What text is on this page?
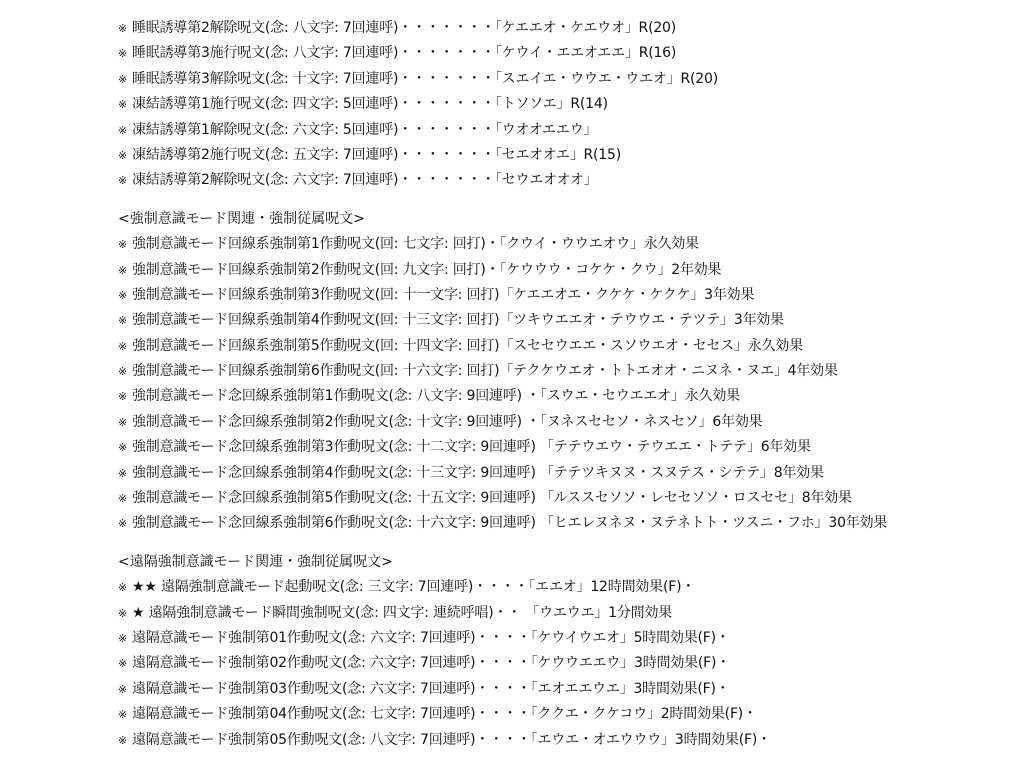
※ 睡眠誘導第2解除呪文(念: 八文字: 7回連呼)・・・・・・・「ケエエオ・ケエウオ」R(20)
※ 睡眠誘導第3施行呪文(念: 八文字: 7回連呼)・・・・・・・「ケウイ・エエオエエ」R(16)
※ 睡眠誘導第3解除呪文(念: 十文字: 7回連呼)・・・・・・・「スエイエ・ウウエ・ウエオ」R(20)
※ 凍結誘導第1施行呪文(念: 四文字: 5回連呼)・・・・・・・「トソソエ」R(14)
※ 凍結誘導第1解除呪文(念: 六文字: 5回連呼)・・・・・・・「ウオオエエウ」
※ 凍結誘導第2施行呪文(念: 五文字: 7回連呼)・・・・・・・「セエオオエ」R(15)
※ 凍結誘導第2解除呪文(念: 六文字: 7回連呼)・・・・・・・「セウエオオオ」
<強制意識モード関連・強制従属呪文>
※ 強制意識モード回線系強制第1作動呪文(回: 七文字: 回打)・「クウイ・ウウエオウ」永久効果
※ 強制意識モード回線系強制第2作動呪文(回: 九文字: 回打)・「ケウウウ・コケケ・クウ」2年効果
※ 強制意識モード回線系強制第3作動呪文(回: 十一文字: 回打)「ケエエオエ・クケケ・ケクケ」3年効果
※ 強制意識モード回線系強制第4作動呪文(回: 十三文字: 回打)「ツキウエエオ・テウウエ・テツテ」3年効果
※ 強制意識モード回線系強制第5作動呪文(回: 十四文字: 回打)「スセセウエエ・スソウエオ・セセス」永久効果
※ 強制意識モード回線系強制第6作動呪文(回: 十六文字: 回打)「テクケウエオ・トトエオオ・ニヌネ・ヌエ」4年効果
※ 強制意識モード念回線系強制第1作動呪文(念: 八文字: 9回連呼) ・「スウエ・セウエエオ」永久効果
※ 強制意識モード念回線系強制第2作動呪文(念: 十文字: 9回連呼) ・「ヌネスセセソ・ネスセソ」6年効果
※ 強制意識モード念回線系強制第3作動呪文(念: 十二文字: 9回連呼) 「テテウエウ・テウエエ・トテテ」6年効果
※ 強制意識モード念回線系強制第4作動呪文(念: 十三文字: 9回連呼) 「テテツキヌヌ・スヌテス・シテテ」8年効果
※ 強制意識モード念回線系強制第5作動呪文(念: 十五文字: 9回連呼) 「ルススセソソ・レセセソソ・ロスセセ」8年効果
※ 強制意識モード念回線系強制第6作動呪文(念: 十六文字: 9回連呼) 「ヒエレヌネヌ・ヌテネトト・ツスニ・フホ」30年効果
<遠隔強制意識モード関連・強制従属呪文>
※ ★★ 遠隔強制意識モード起動呪文(念: 三文字: 7回連呼)・・・・「エエオ」12時間効果(F)・
※ ★ 遠隔強制意識モード瞬間強制呪文(念: 四文字: 連続呼唱)・・ 「ウエウエ」1分間効果
※ 遠隔意識モード強制第01作動呪文(念: 六文字: 7回連呼)・・・・「ケウイウエオ」5時間効果(F)・
※ 遠隔意識モード強制第02作動呪文(念: 六文字: 7回連呼)・・・・「ケウウエエウ」3時間効果(F)・
※ 遠隔意識モード強制第03作動呪文(念: 六文字: 7回連呼)・・・・「エオエエウエ」3時間効果(F)・
※ 遠隔意識モード強制第04作動呪文(念: 七文字: 7回連呼)・・・・「ククエ・クケコウ」2時間効果(F)・
※ 遠隔意識モード強制第05作動呪文(念: 八文字: 7回連呼)・・・・「エウエ・オエウウウ」3時間効果(F)・
